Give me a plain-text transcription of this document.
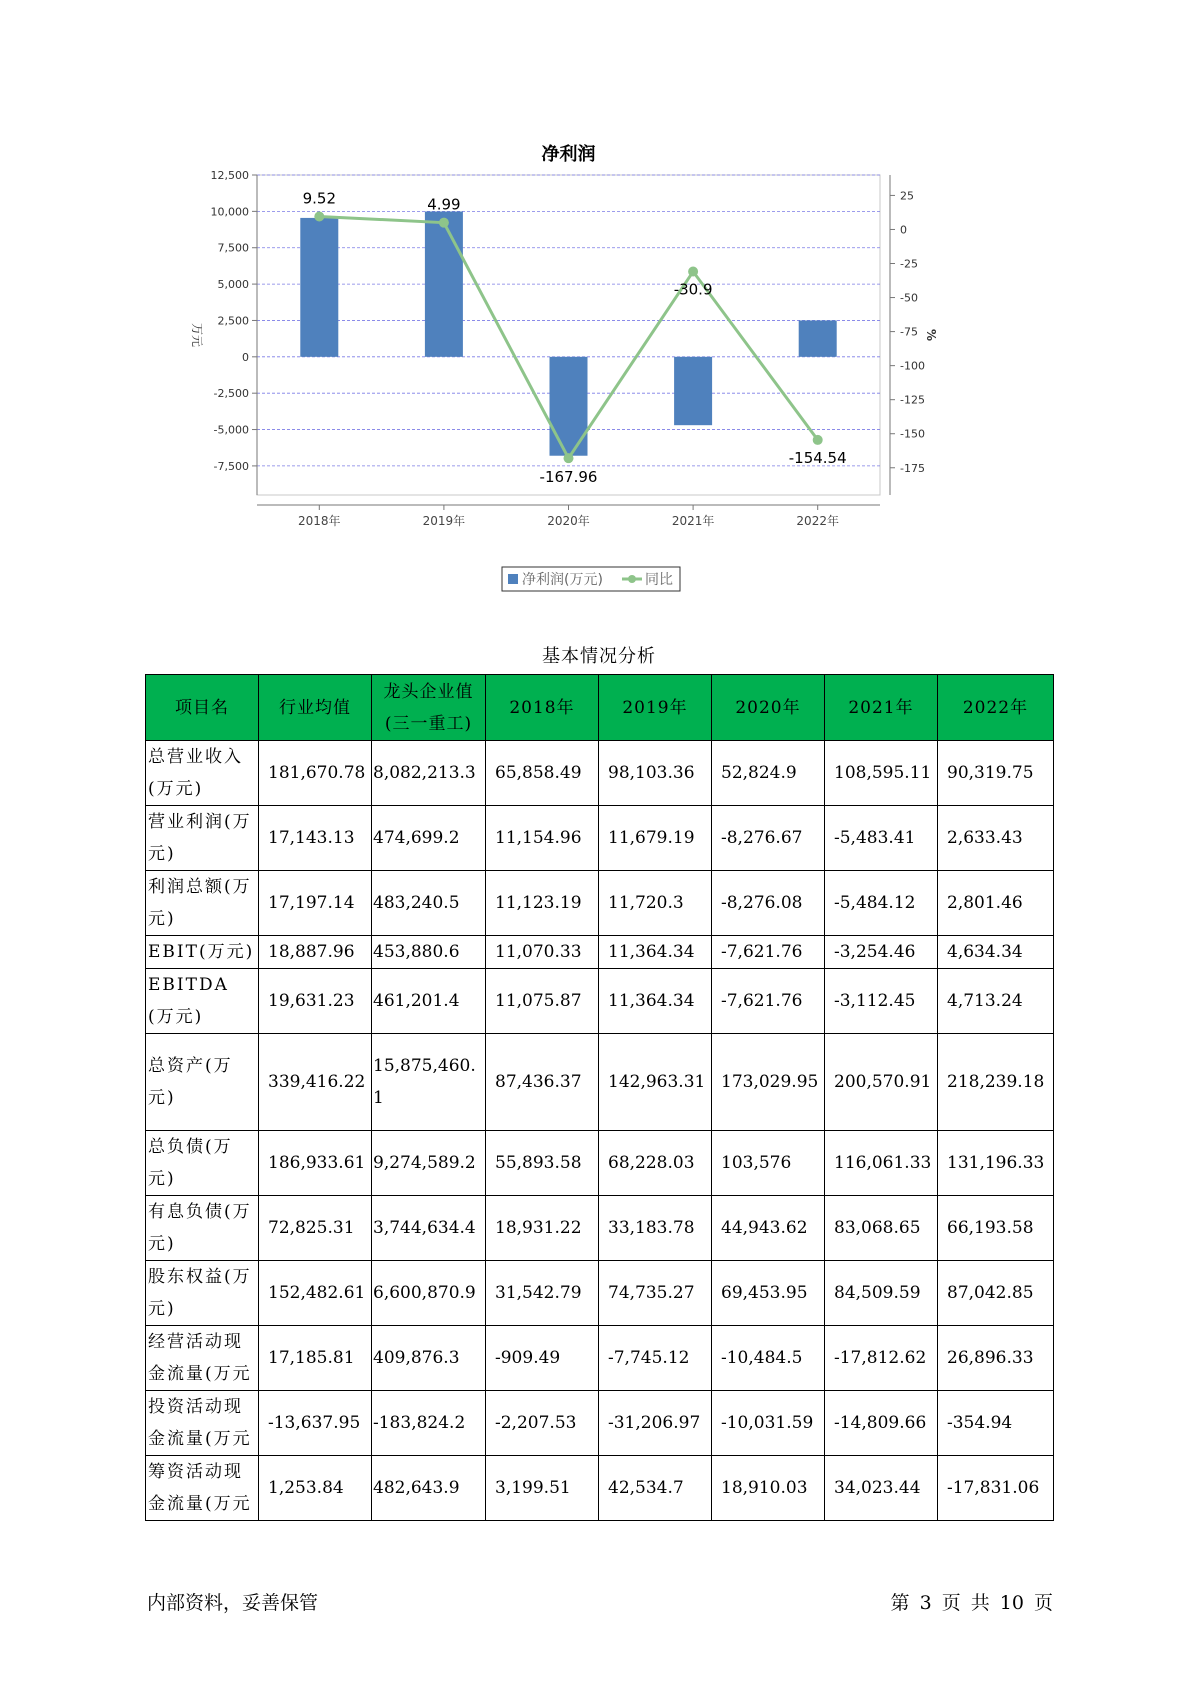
净利润
12,500
10,000
7,500
5,000
2,500
0
-2,500
-5,000
-7,500
25
0
-25
-50
-75
-100
-125
-150
-175
2018年	2019年	2020年	2021年	2022年
万元	%
9.52	4.99
-167.96
-30.9
-154.54
净利润(万元)	同比
基本情况分析
项目名	行业均值	龙头企业值(三一重工)	2018年	2019年	2020年	2021年	2022年
总营业收入(万元)	181,670.78	8,082,213.3	65,858.49	98,103.36	52,824.9	108,595.11	90,319.75
营业利润(万元)	17,143.13	474,699.2	11,154.96	11,679.19	-8,276.67	-5,483.41	2,633.43
利润总额(万元)	17,197.14	483,240.5	11,123.19	11,720.3	-8,276.08	-5,484.12	2,801.46
EBIT(万元)	18,887.96	453,880.6	11,070.33	11,364.34	-7,621.76	-3,254.46	4,634.34
EBITDA(万元)	19,631.23	461,201.4	11,075.87	11,364.34	-7,621.76	-3,112.45	4,713.24
总资产(万元)	339,416.22	15,875,460.1	87,436.37	142,963.31	173,029.95	200,570.91	218,239.18
总负债(万元)	186,933.61	9,274,589.2	55,893.58	68,228.03	103,576	116,061.33	131,196.33
有息负债(万元)	72,825.31	3,744,634.4	18,931.22	33,183.78	44,943.62	83,068.65	66,193.58
股东权益(万元)	152,482.61	6,600,870.9	31,542.79	74,735.27	69,453.95	84,509.59	87,042.85
经营活动现金流量(万元	17,185.81	409,876.3	-909.49	-7,745.12	-10,484.5	-17,812.62	26,896.33
投资活动现金流量(万元	-13,637.95	-183,824.2	-2,207.53	-31,206.97	-10,031.59	-14,809.66	-354.94
筹资活动现金流量(万元	1,253.84	482,643.9	3,199.51	42,534.7	18,910.03	34,023.44	-17,831.06
内部资料，妥善保管	第 3 页 共 10 页
